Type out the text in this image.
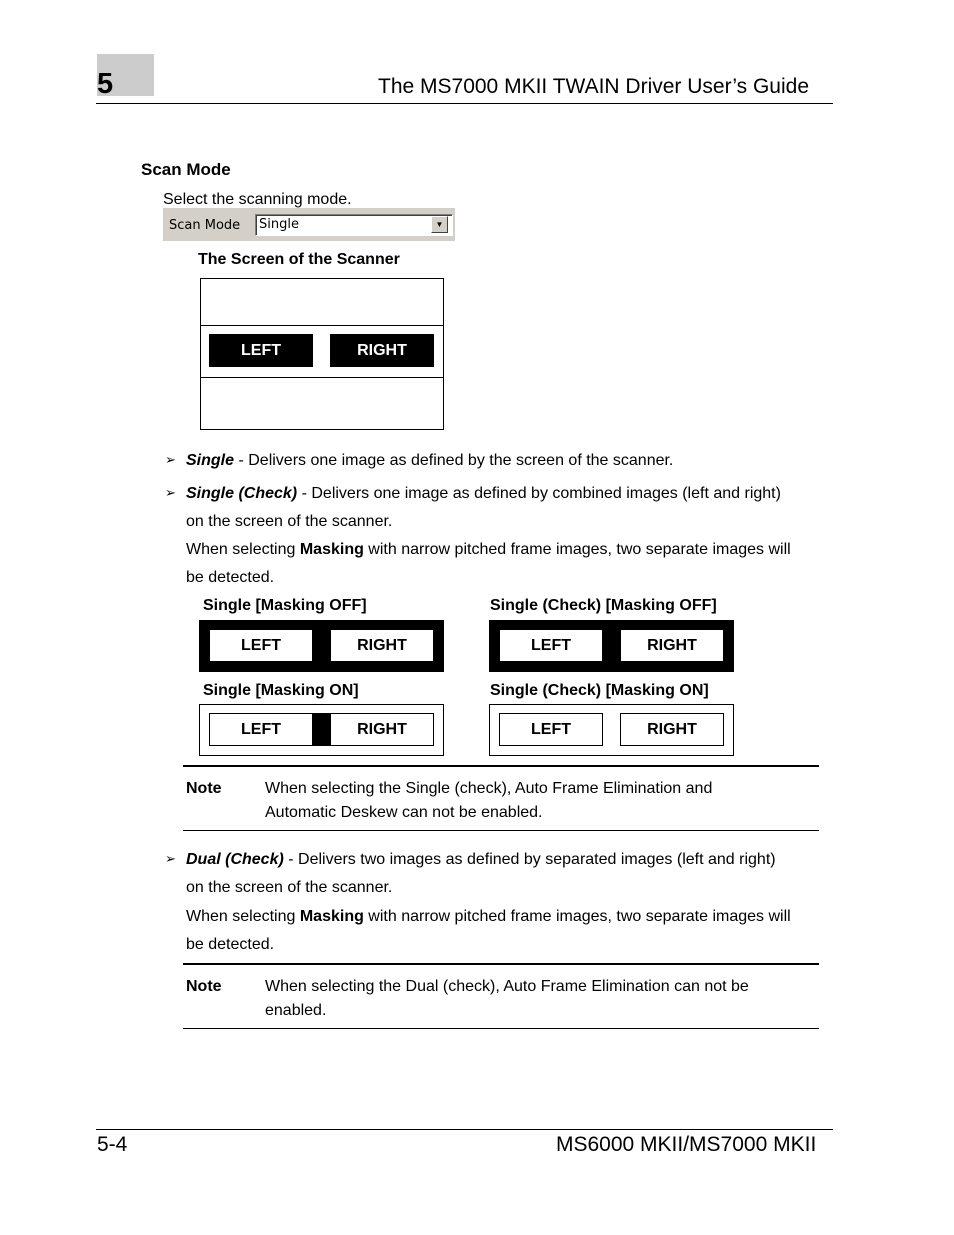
5	The MS7000 MKII TWAIN Driver User’s Guide
Scan Mode
Select the scanning mode.
Scan Mode Single	▼
The Screen of the Scanner
LEFT	RIGHT
➢ Single - Delivers one image as defined by the screen of the scanner.
➢ Single (Check) - Delivers one image as defined by combined images (left and right)
on the screen of the scanner.
When selecting Masking with narrow pitched frame images, two separate images will
be detected.
Single [Masking OFF]	Single (Check) [Masking OFF]
LEFT	RIGHT	LEFT	RIGHT
Single [Masking ON]	Single (Check) [Masking ON]
LEFT	RIGHT	LEFT	RIGHT
Note	When selecting the Single (check), Auto Frame Elimination and
Automatic Deskew can not be enabled.
➢ Dual (Check) - Delivers two images as defined by separated images (left and right)
on the screen of the scanner.
When selecting Masking with narrow pitched frame images, two separate images will
be detected.
Note	When selecting the Dual (check), Auto Frame Elimination can not be
enabled.
5-4	MS6000 MKII/MS7000 MKII
